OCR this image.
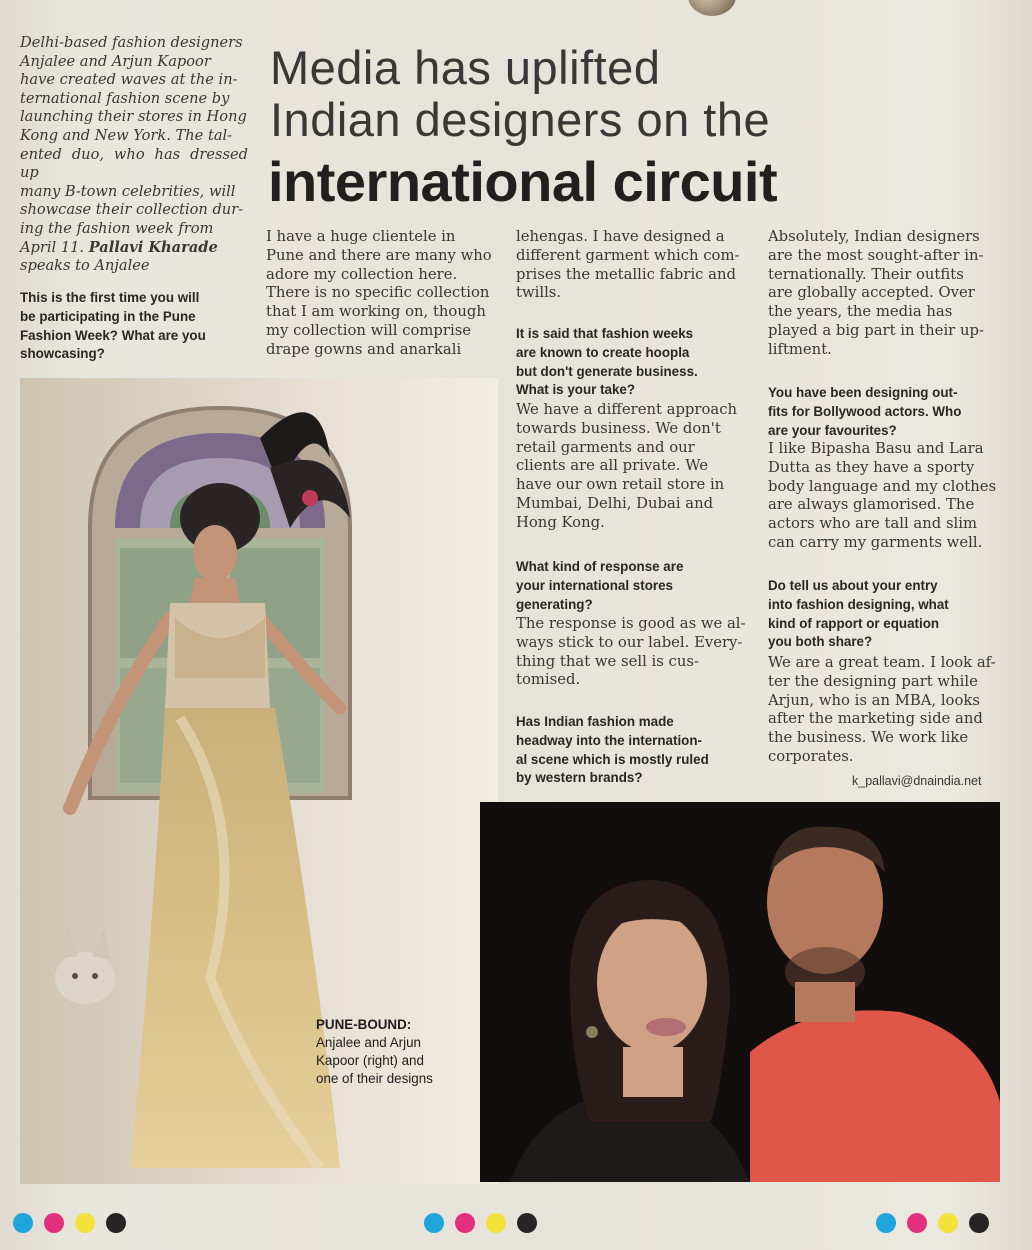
Delhi-based fashion designers
Anjalee and Arjun Kapoor
have created waves at the in-
ternational fashion scene by
launching their stores in Hong
Kong and New York. The tal-
ented duo, who has dressed up
many B-town celebrities, will
showcase their collection dur-
ing the fashion week from
April 11. Pallavi Kharade
speaks to Anjalee
Media has uplifted
Indian designers on the
international circuit
This is the first time you will
be participating in the Pune
Fashion Week? What are you
showcasing?
I have a huge clientele in
Pune and there are many who
adore my collection here.
There is no specific collection
that I am working on, though
my collection will comprise
drape gowns and anarkali
lehengas. I have designed a
different garment which com-
prises the metallic fabric and
twills.
It is said that fashion weeks
are known to create hoopla
but don't generate business.
What is your take?
We have a different approach
towards business. We don't
retail garments and our
clients are all private. We
have our own retail store in
Mumbai, Delhi, Dubai and
Hong Kong.
What kind of response are
your international stores
generating?
The response is good as we al-
ways stick to our label. Every-
thing that we sell is cus-
tomised.
Has Indian fashion made
headway into the internation-
al scene which is mostly ruled
by western brands?
Absolutely, Indian designers
are the most sought-after in-
ternationally. Their outfits
are globally accepted. Over
the years, the media has
played a big part in their up-
liftment.
You have been designing out-
fits for Bollywood actors. Who
are your favourites?
I like Bipasha Basu and Lara
Dutta as they have a sporty
body language and my clothes
are always glamorised. The
actors who are tall and slim
can carry my garments well.
Do tell us about your entry
into fashion designing, what
kind of rapport or equation
you both share?
We are a great team. I look af-
ter the designing part while
Arjun, who is an MBA, looks
after the marketing side and
the business. We work like
corporates.
k_pallavi@dnaindia.net
PUNE-BOUND:
Anjalee and Arjun
Kapoor (right) and
one of their designs
